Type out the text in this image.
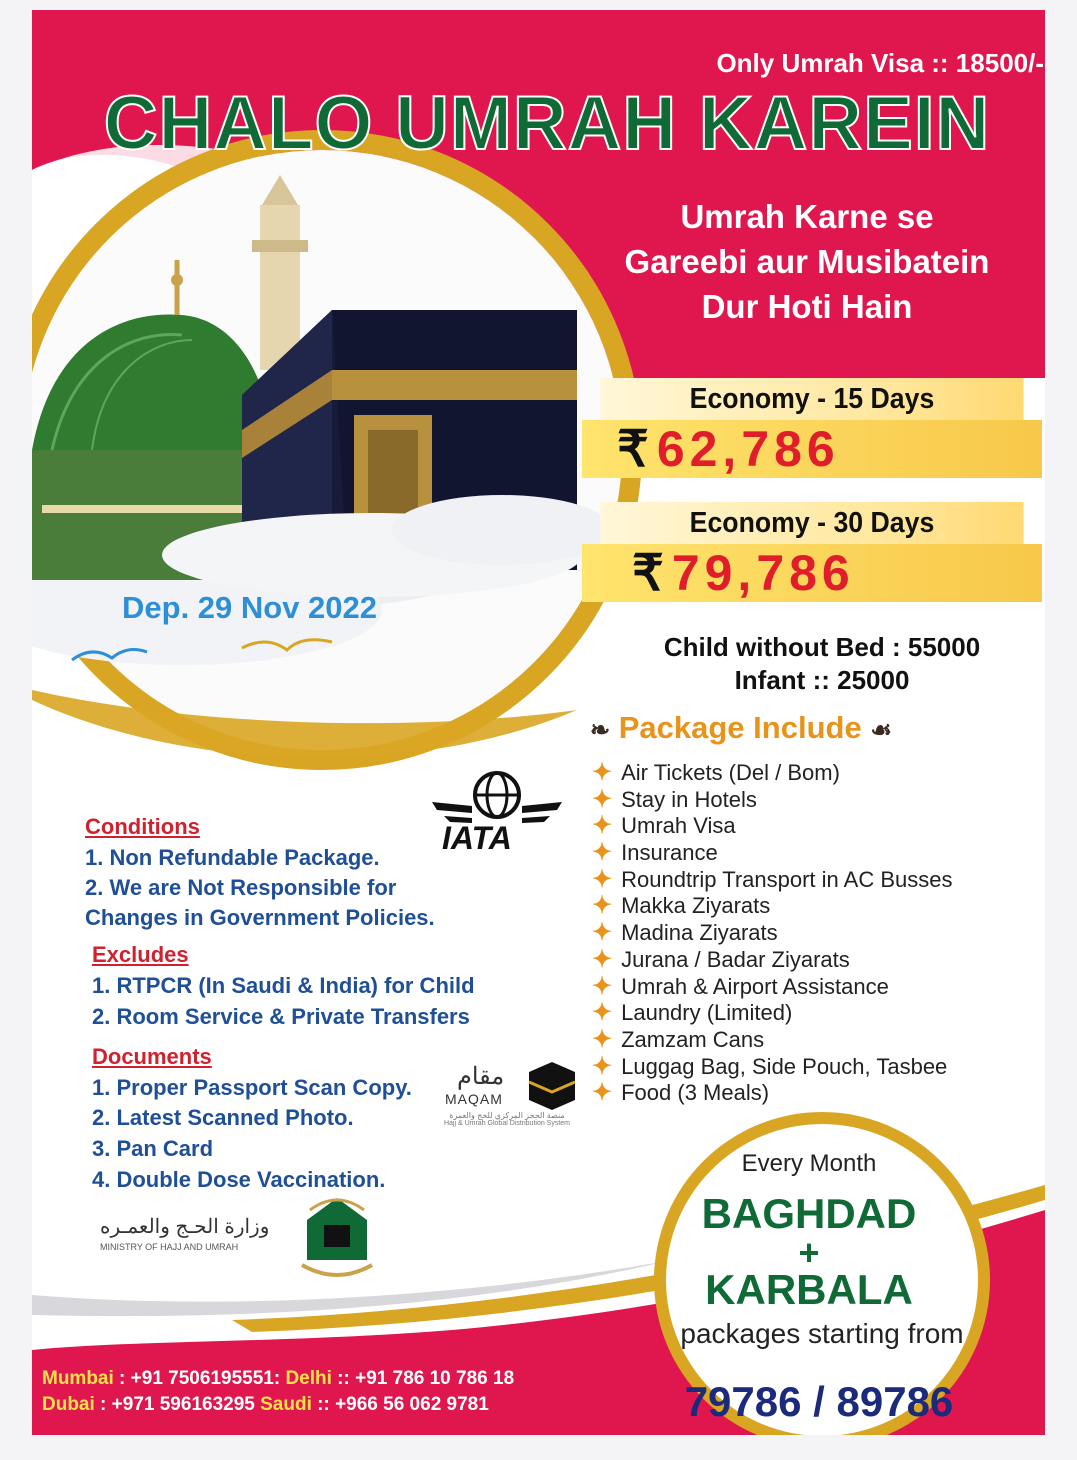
Only Umrah Visa :: 18500/-
CHALO UMRAH KAREIN
Umrah Karne se
Gareebi aur Musibatein
Dur Hoti Hain
Economy - 15 Days
₹ 62,786
Economy - 30 Days
₹ 79,786
Child without Bed : 55000
Infant :: 25000
Dep. 29 Nov 2022
❧ Package Include ☙
✦ Air Tickets (Del / Bom)
✦ Stay in Hotels
✦ Umrah Visa
✦ Insurance
✦ Roundtrip Transport in AC Busses
✦ Makka Ziyarats
✦ Madina Ziyarats
✦ Jurana / Badar Ziyarats
✦ Umrah & Airport Assistance
✦ Laundry (Limited)
✦ Zamzam Cans
✦ Luggag Bag, Side Pouch, Tasbee
✦ Food (3 Meals)
IATA
Conditions
1. Non Refundable Package.
2. We are Not Responsible for
Changes in Government Policies.
Excludes
1. RTPCR (In Saudi & India) for Child
2. Room Service & Private Transfers
Documents
1. Proper Passport Scan Copy.
2. Latest Scanned Photo.
3. Pan Card
4. Double Dose Vaccination.
مقام
MAQAM
منصة الحجز المركزي للحج والعمرة
Hajj & Umrah Global Distribution System
وزارة الحـج والعمـره
MINISTRY OF HAJJ AND UMRAH
Every Month
BAGHDAD
+
KARBALA
packages starting from
79786 / 89786
Mumbai : +91 7506195551: Delhi :: +91 786 10 786 18
Dubai : +971 596163295 Saudi :: +966 56 062 9781
